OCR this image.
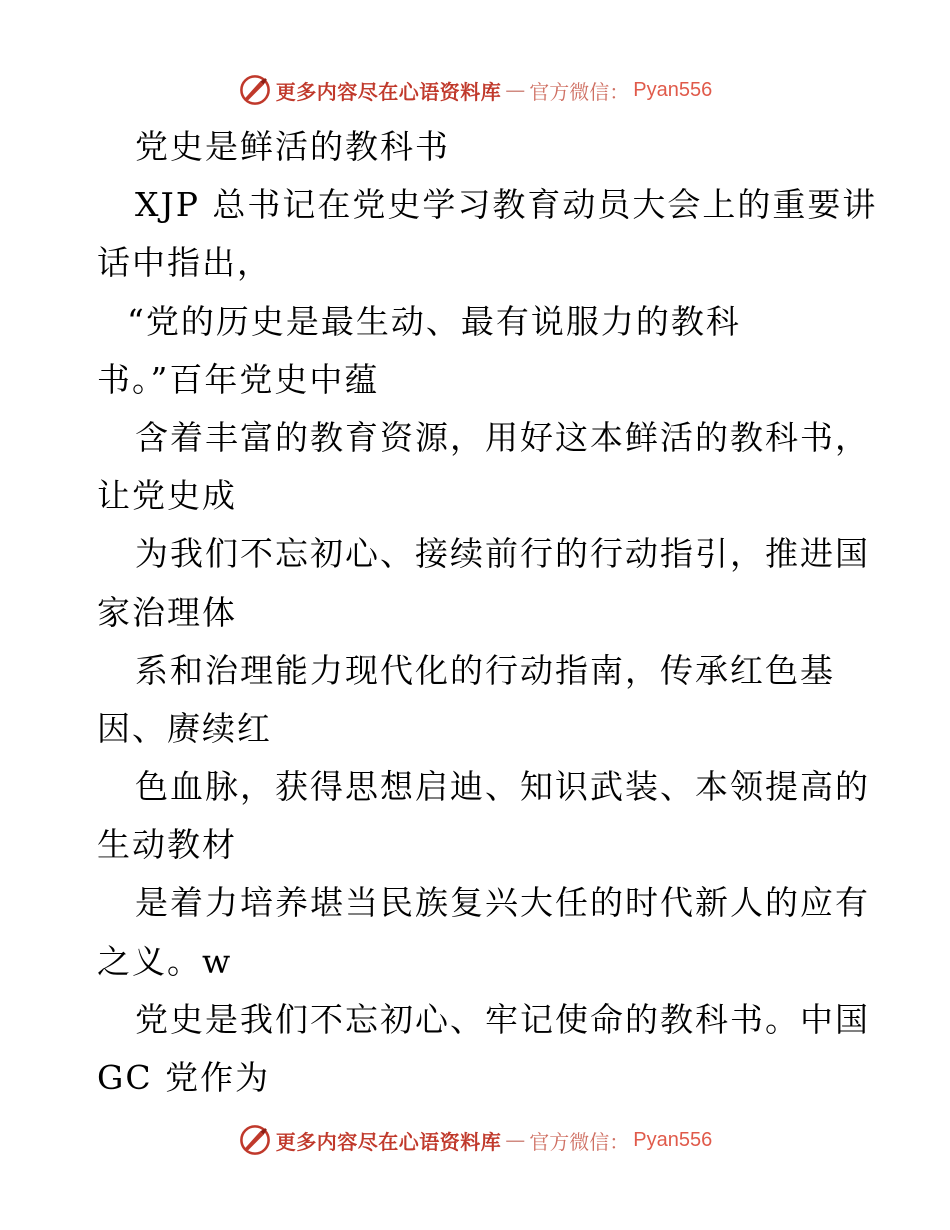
更多内容尽在心语资料库 — 官方微信： Pyan556
党史是鲜活的教科书
XJP 总书记在党史学习教育动员大会上的重要讲
话中指出，
“党的历史是最生动、最有说服力的教科
书。”百年党史中蕴
含着丰富的教育资源，用好这本鲜活的教科书，
让党史成
为我们不忘初心、接续前行的行动指引，推进国
家治理体
系和治理能力现代化的行动指南，传承红色基
因、赓续红
色血脉，获得思想启迪、知识武装、本领提高的
生动教材
是着力培养堪当民族复兴大任的时代新人的应有
之义。w
党史是我们不忘初心、牢记使命的教科书。中国
GC 党作为
更多内容尽在心语资料库 — 官方微信： Pyan556
